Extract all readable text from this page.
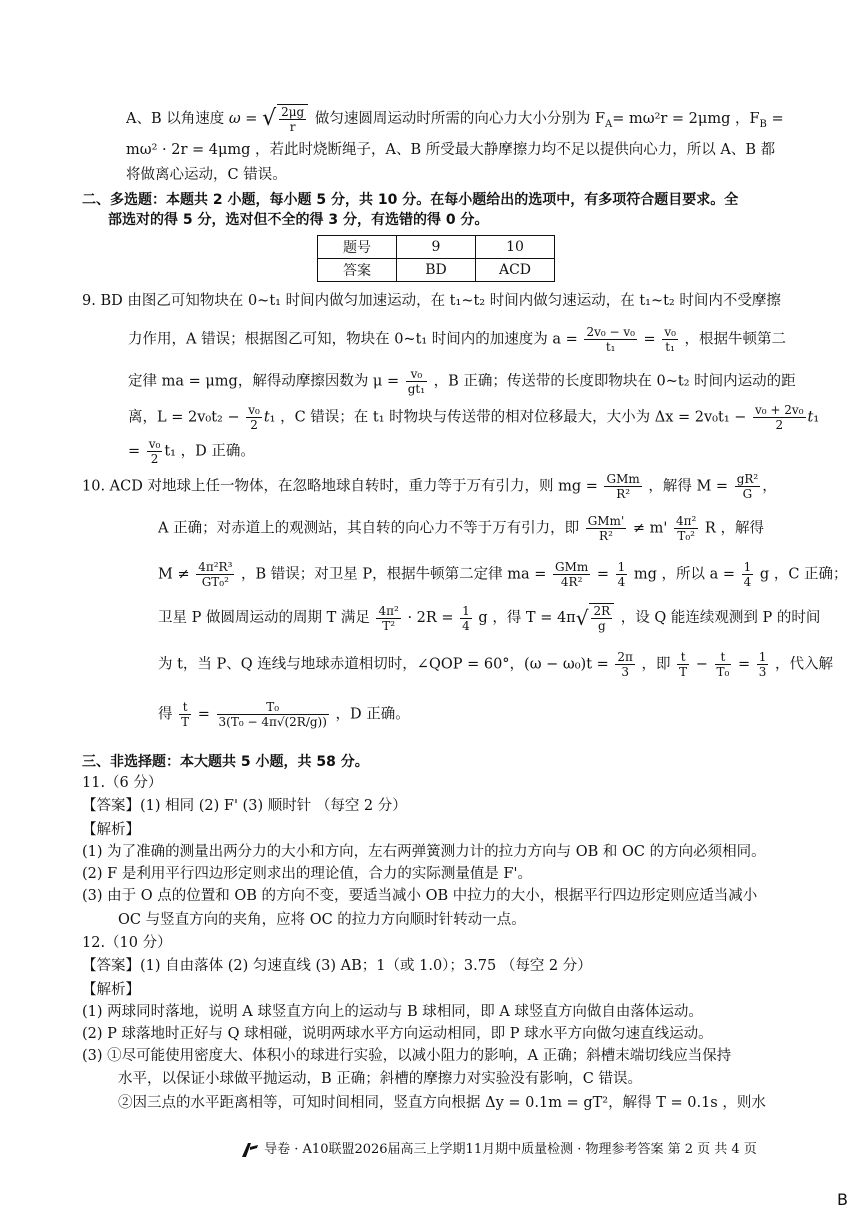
A、B 以角速度 ω = √ $\frac{2\mu g}{r}$ 做匀速圆周运动时所需的向心力大小分别为 $F_A= m\omega^2r = 2\mu mg$ ，$F_B$ =
mω² · 2r = 4μmg ，若此时烧断绳子，A、B 所受最大静摩擦力均不足以提供向心力，所以 A、B 都
将做离心运动，C 错误。
二、多选题：本题共 2 小题，每小题 5 分，共 10 分。在每小题给出的选项中，有多项符合题目要求。全
部选对的得 5 分，选对但不全的得 3 分，有选错的得 0 分。
题号	9	10
答案	BD	ACD
9. BD 由图乙可知物块在 0~t₁ 时间内做匀加速运动，在 t₁~t₂ 时间内做匀速运动，在 t₁~t₂ 时间内不受摩擦
力作用，A 错误；根据图乙可知，物块在 0~t₁ 时间内的加速度为 $a = \frac{\text{2v₀ − v₀}}{\text{t₁}} = \frac{\text{v₀}}{\text{t₁}}$ ，根据牛顿第二
定律 ma = μmg，解得动摩擦因数为 $\mu = \frac{\text{v₀}}{\text{gt₁}}$ ，B 正确；传送带的长度即物块在 0~t₂ 时间内运动的距
离，$L = 2v_0t_2 - \frac{\text{v₀}}{2} t_1$ ，C 错误；在 t₁ 时物块与传送带的相对位移最大，大小为 $\Delta x = 2v_0t_1 - \frac{\text{v₀ + 2v₀}}{2} t_1$
= $\frac{\text{v₀}}{2} t_1$ ，D 正确。
10. ACD 对地球上任一物体，在忽略地球自转时，重力等于万有引力，则 mg = $\frac{\text{GMm}}{\text{R²}}$ ，解得 $M = \frac{\text{gR²}}{G}$ ，
A 正确；对赤道上的观测站，其自转的向心力不等于万有引力，即 $\frac{\text{GMm'}}{\text{R²}} \ne m' \frac{\text{4π²}}{\text{T₀²}}$ R ，解得
$M \ne \frac{\text{4π²R³}}{\text{GT₀²}}$ ，B 错误；对卫星 P，根据牛顿第二定律 ma = $\frac{\text{GMm}}{\text{4R²}} = \frac{1}{4}$ mg ，所以 $a = \frac{1}{4}$ g ，C 正确；
卫星 P 做圆周运动的周期 T 满足 $\frac{\text{4π²}}{\text{T²}} \cdot 2R = \frac{1}{4}$ g ，得 $T = 4\pi√ \frac{2R}{g}$ ，设 Q 能连续观测到 P 的时间
为 t，当 P、Q 连线与地球赤道相切时，∠QOP = 60°，$(\omega - \omega_0)t = \frac{2\pi}{3}$ ，即 $\frac{t}{T} - \frac{t}{\text{T₀}} = \frac{1}{3}$ ，代入解
得 $\frac{t}{T} = \frac{\text{T₀}}{\text{3(T₀ − 4π√(2R/g))}}$ ，D 正确。
三、非选择题：本大题共 5 小题，共 58 分。
11.（6 分）
【答案】(1) 相同 (2) F' (3) 顺时针 （每空 2 分）
【解析】
(1) 为了准确的测量出两分力的大小和方向，左右两弹簧测力计的拉力方向与 OB 和 OC 的方向必须相同。
(2) F 是利用平行四边形定则求出的理论值，合力的实际测量值是 F'。
(3) 由于 O 点的位置和 OB 的方向不变，要适当减小 OB 中拉力的大小，根据平行四边形定则应适当减小
OC 与竖直方向的夹角，应将 OC 的拉力方向顺时针转动一点。
12.（10 分）
【答案】(1) 自由落体 (2) 匀速直线 (3) AB；1（或 1.0）；3.75 （每空 2 分）
【解析】
(1) 两球同时落地，说明 A 球竖直方向上的运动与 B 球相同，即 A 球竖直方向做自由落体运动。
(2) P 球落地时正好与 Q 球相碰，说明两球水平方向运动相同，即 P 球水平方向做匀速直线运动。
(3) ①尽可能使用密度大、体积小的球进行实验，以减小阻力的影响，A 正确；斜槽末端切线应当保持
水平，以保证小球做平抛运动，B 正确；斜槽的摩擦力对实验没有影响，C 错误。
②因三点的水平距离相等，可知时间相同，竖直方向根据 Δy = 0.1m = gT²，解得 T = 0.1s ，则水
导卷 · A10联盟2026届高三上学期11月期中质量检测 · 物理参考答案 第 2 页 共 4 页
B
